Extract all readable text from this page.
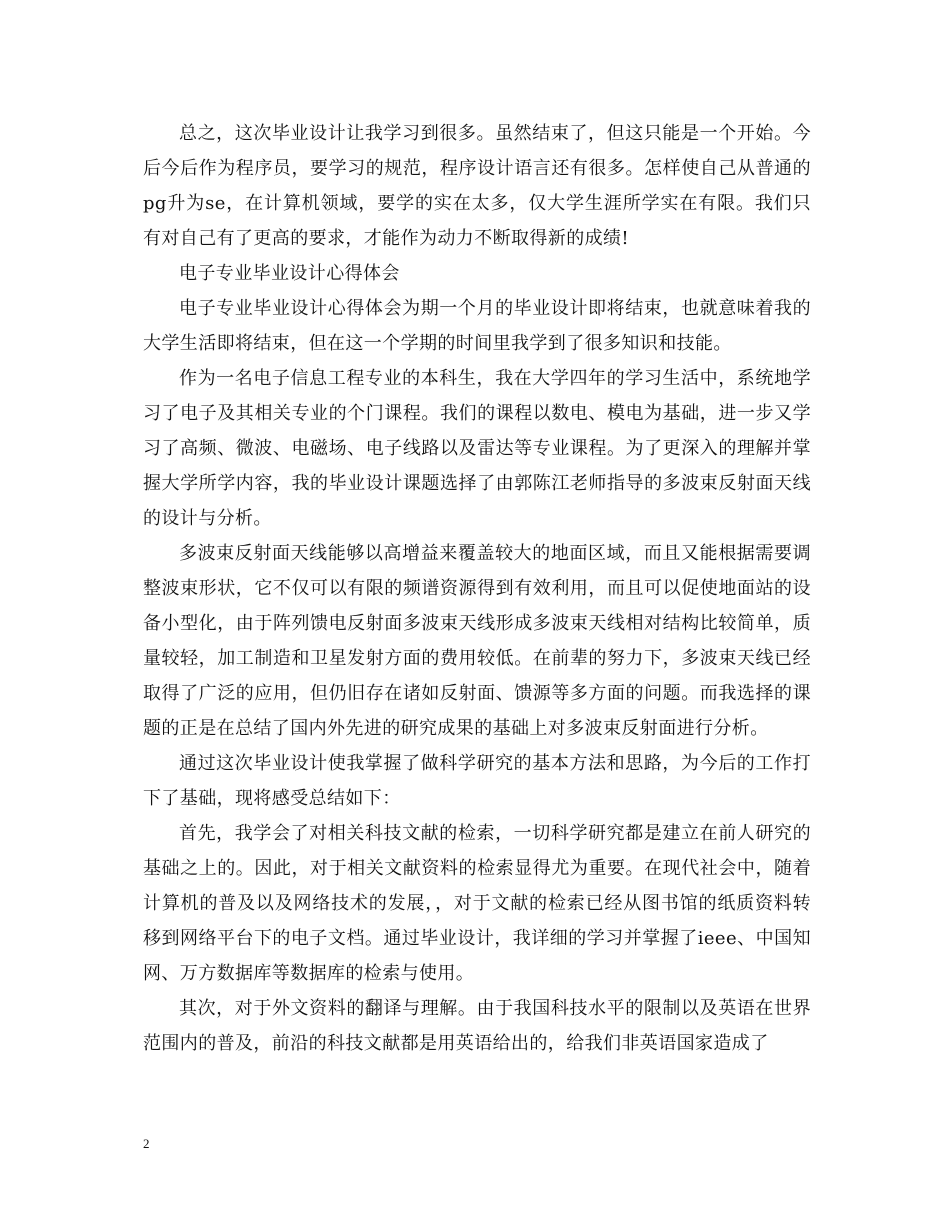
总之，这次毕业设计让我学习到很多。虽然结束了，但这只能是一个开始。今后今后作为程序员，要学习的规范，程序设计语言还有很多。怎样使自己从普通的pg升为se，在计算机领域，要学的实在太多，仅大学生涯所学实在有限。我们只有对自己有了更高的要求，才能作为动力不断取得新的成绩!

电子专业毕业设计心得体会

电子专业毕业设计心得体会为期一个月的毕业设计即将结束，也就意味着我的大学生活即将结束，但在这一个学期的时间里我学到了很多知识和技能。

作为一名电子信息工程专业的本科生，我在大学四年的学习生活中，系统地学习了电子及其相关专业的个门课程。我们的课程以数电、模电为基础，进一步又学习了高频、微波、电磁场、电子线路以及雷达等专业课程。为了更深入的理解并掌握大学所学内容，我的毕业设计课题选择了由郭陈江老师指导的多波束反射面天线的设计与分析。

多波束反射面天线能够以高增益来覆盖较大的地面区域，而且又能根据需要调整波束形状，它不仅可以有限的频谱资源得到有效利用，而且可以促使地面站的设备小型化，由于阵列馈电反射面多波束天线形成多波束天线相对结构比较简单，质量较轻，加工制造和卫星发射方面的费用较低。在前辈的努力下，多波束天线已经取得了广泛的应用，但仍旧存在诸如反射面、馈源等多方面的问题。而我选择的课题的正是在总结了国内外先进的研究成果的基础上对多波束反射面进行分析。

通过这次毕业设计使我掌握了做科学研究的基本方法和思路，为今后的工作打下了基础，现将感受总结如下：

首先，我学会了对相关科技文献的检索，一切科学研究都是建立在前人研究的基础之上的。因此，对于相关文献资料的检索显得尤为重要。在现代社会中，随着计算机的普及以及网络技术的发展，，对于文献的检索已经从图书馆的纸质资料转移到网络平台下的电子文档。通过毕业设计，我详细的学习并掌握了ieee、中国知网、万方数据库等数据库的检索与使用。

其次，对于外文资料的翻译与理解。由于我国科技水平的限制以及英语在世界范围内的普及，前沿的科技文献都是用英语给出的，给我们非英语国家造成了

2
